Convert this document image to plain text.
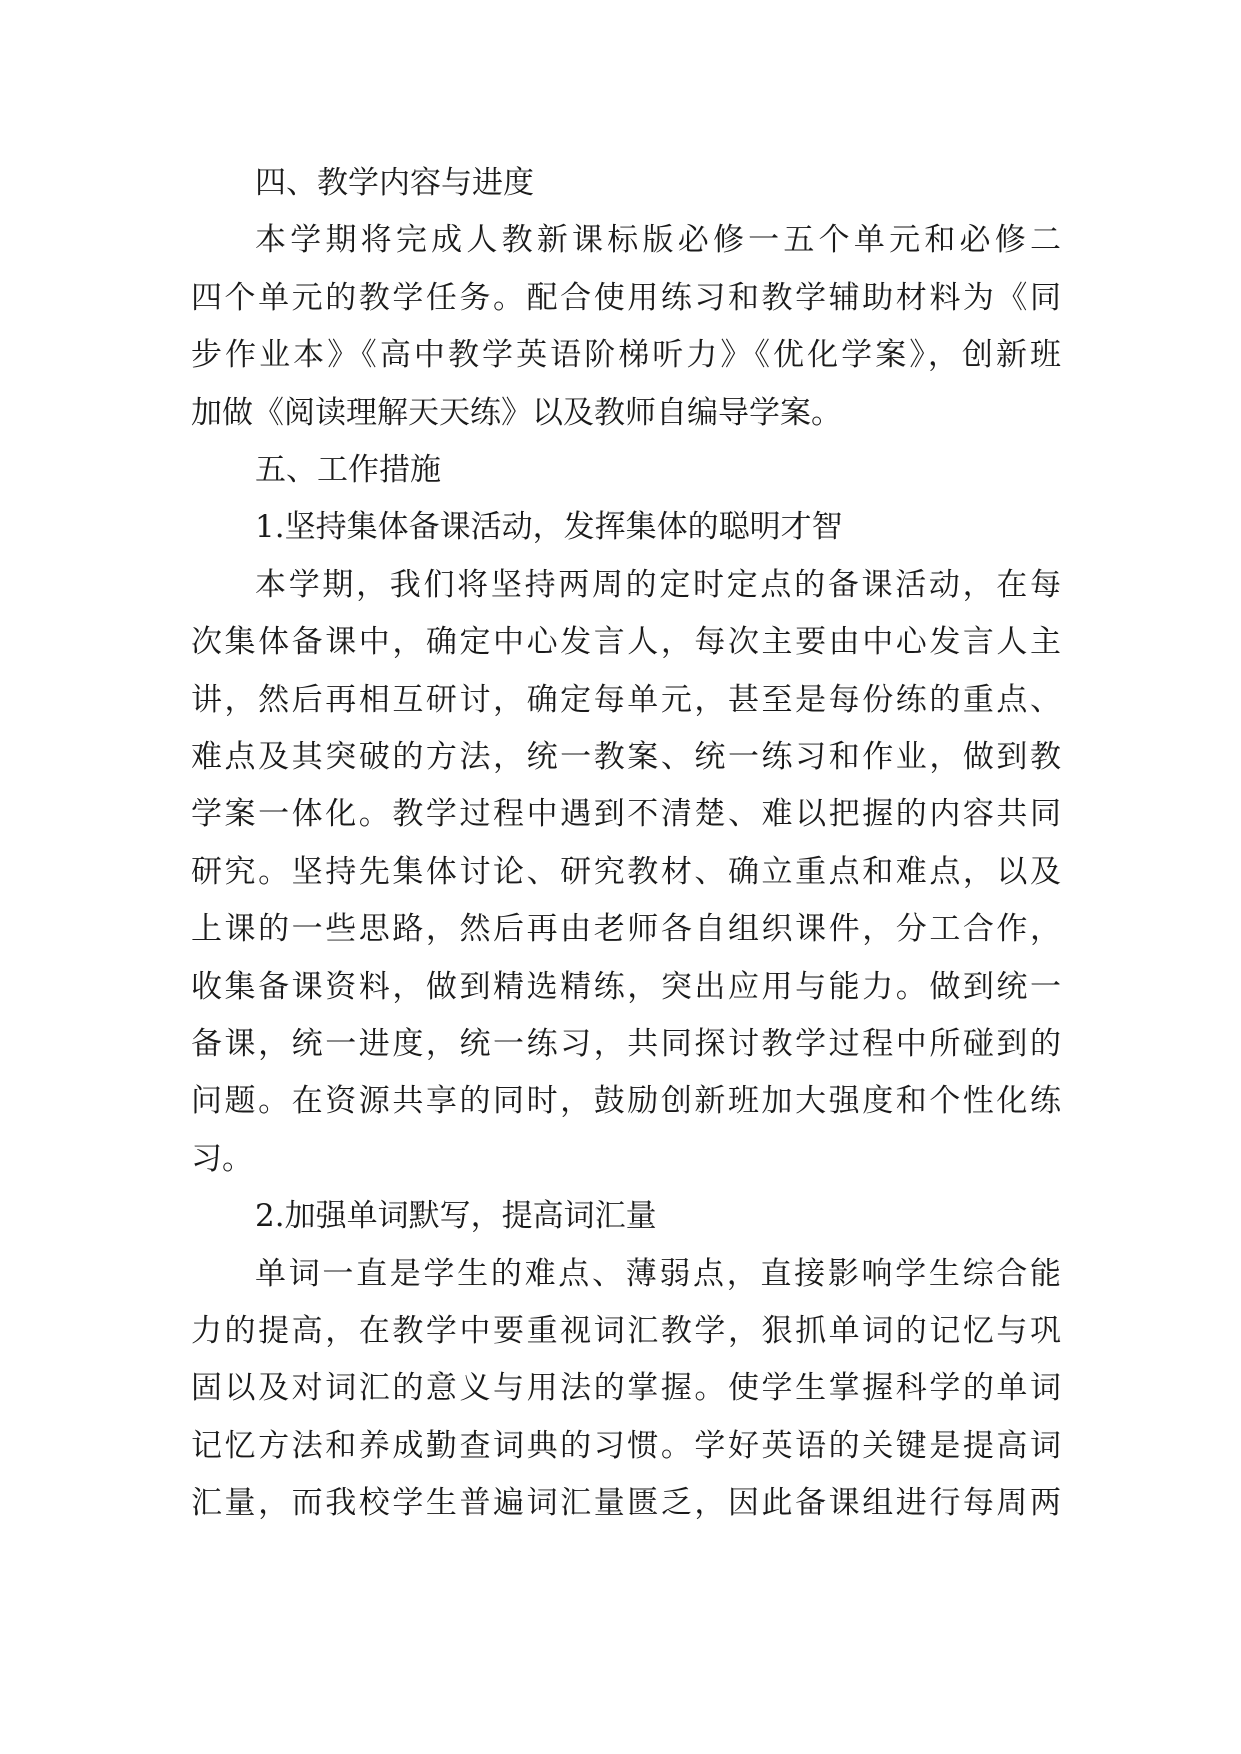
四、教学内容与进度
本学期将完成人教新课标版必修一五个单元和必修二
四个单元的教学任务。配合使用练习和教学辅助材料为《同
步作业本》《高中教学英语阶梯听力》《优化学案》，创新班
加做《阅读理解天天练》以及教师自编导学案。
五、工作措施
1.坚持集体备课活动，发挥集体的聪明才智
本学期，我们将坚持两周的定时定点的备课活动，在每
次集体备课中，确定中心发言人，每次主要由中心发言人主
讲，然后再相互研讨，确定每单元，甚至是每份练的重点、
难点及其突破的方法，统一教案、统一练习和作业，做到教
学案一体化。教学过程中遇到不清楚、难以把握的内容共同
研究。坚持先集体讨论、研究教材、确立重点和难点，以及
上课的一些思路，然后再由老师各自组织课件，分工合作，
收集备课资料，做到精选精练，突出应用与能力。做到统一
备课，统一进度，统一练习，共同探讨教学过程中所碰到的
问题。在资源共享的同时，鼓励创新班加大强度和个性化练
习。
2.加强单词默写，提高词汇量
单词一直是学生的难点、薄弱点，直接影响学生综合能
力的提高，在教学中要重视词汇教学，狠抓单词的记忆与巩
固以及对词汇的意义与用法的掌握。使学生掌握科学的单词
记忆方法和养成勤查词典的习惯。学好英语的关键是提高词
汇量，而我校学生普遍词汇量匮乏，因此备课组进行每周两
